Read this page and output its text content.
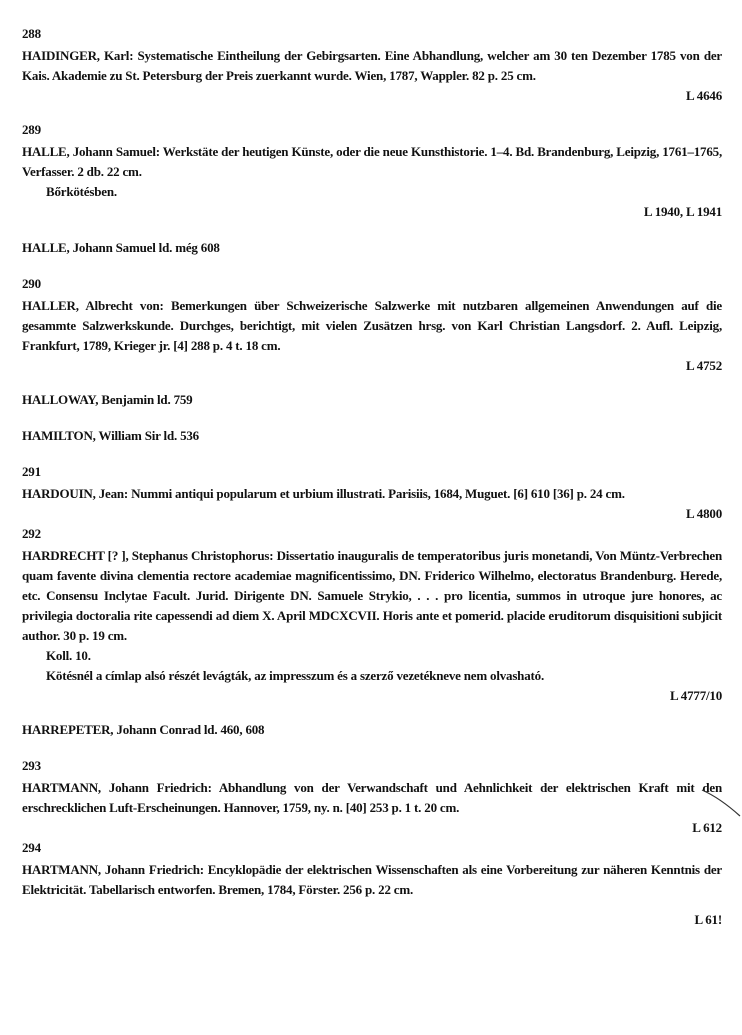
288
HAIDINGER, Karl: Systematische Eintheilung der Gebirgsarten. Eine Abhandlung, welcher am 30 ten Dezember 1785 von der Kais. Akademie zu St. Petersburg der Preis zuerkannt wurde. Wien, 1787, Wappler. 82 p. 25 cm.
L 4646
289
HALLE, Johann Samuel: Werkstäte der heutigen Künste, oder die neue Kunsthistorie. 1–4. Bd. Brandenburg, Leipzig, 1761–1765, Verfasser. 2 db. 22 cm.
Bőrkötésben.
L 1940, L 1941
HALLE, Johann Samuel ld. még 608
290
HALLER, Albrecht von: Bemerkungen über Schweizerische Salzwerke mit nutzbaren allgemeinen Anwendungen auf die gesammte Salzwerkskunde. Durchges, berichtigt, mit vielen Zusätzen hrsg. von Karl Christian Langsdorf. 2. Aufl. Leipzig, Frankfurt, 1789, Krieger jr. [4] 288 p. 4 t. 18 cm.
L 4752
HALLOWAY, Benjamin ld. 759
HAMILTON, William Sir ld. 536
291
HARDOUIN, Jean: Nummi antiqui popularum et urbium illustrati. Parisiis, 1684, Muguet. [6] 610 [36] p. 24 cm.
L 4800
292
HARDRECHT [? ], Stephanus Christophorus: Dissertatio inauguralis de temperatoribus juris monetandi, Von Müntz-Verbrechen quam favente divina clementia rectore academiae magnificentissimo, DN. Friderico Wilhelmo, electoratus Brandenburg. Herede, etc. Consensu Inclytae Facult. Jurid. Dirigente DN. Samuele Strykio, . . . pro licentia, summos in utroque jure honores, ac privilegia doctoralia rite capessendi ad diem X. April MDCXCVII. Horis ante et pomerid. placide eruditorum disquisitioni subjicit author. 30 p. 19 cm.
Koll. 10.
Kötésnél a címlap alsó részét levágták, az impresszum és a szerző vezetékneve nem olvasható.
L 4777/10
HARREPETER, Johann Conrad ld. 460, 608
293
HARTMANN, Johann Friedrich: Abhandlung von der Verwandschaft und Aehnlichkeit der elektrischen Kraft mit den erschrecklichen Luft-Erscheinungen. Hannover, 1759, ny. n. [40] 253 p. 1 t. 20 cm.
L 612
294
HARTMANN, Johann Friedrich: Encyklopädie der elektrischen Wissenschaften als eine Vorbereitung zur näheren Kenntnis der Elektricität. Tabellarisch entworfen. Bremen, 1784, Förster. 256 p. 22 cm.
L 61!
